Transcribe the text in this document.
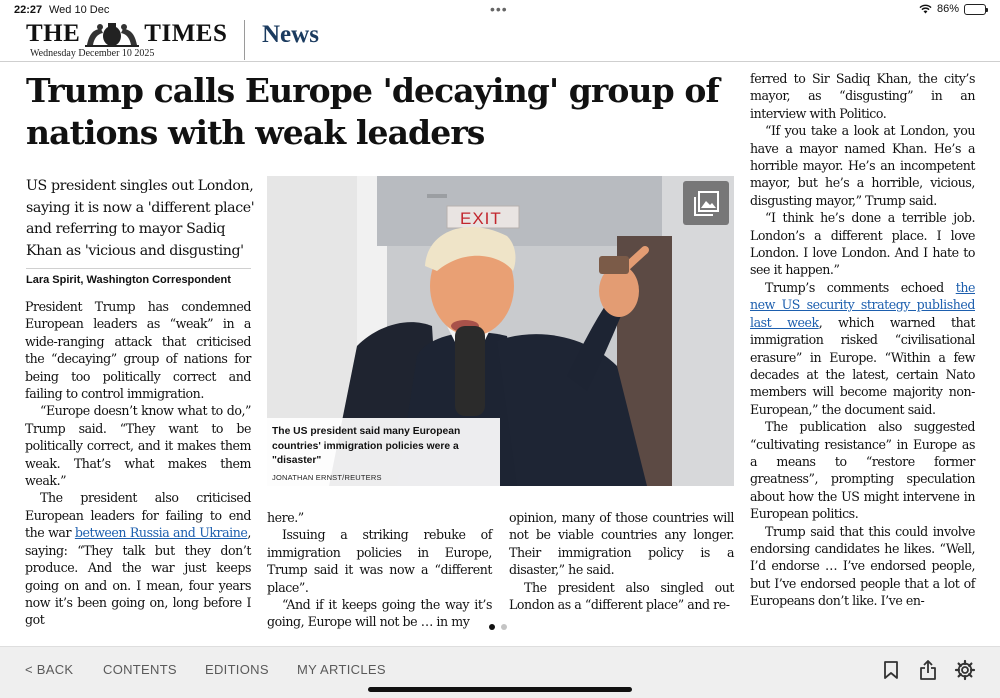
22:27 Wed 10 Dec	•••	86%
THE	TIMES
Wednesday December 10 2025
News
Trump calls Europe 'decaying' group of nations with weak leaders
US president singles out London, saying it is now a 'different place' and referring to mayor Sadiq Khan as 'vicious and disgusting'
Lara Spirit, Washington Correspondent
EXIT
The US president said many European countries' immigration policies were a "disaster"
JONATHAN ERNST/REUTERS

President Trump has condemned European leaders as “weak” in a wide-ranging attack that criticised the “decaying” group of nations for being too politically correct and failing to control immigration.

“Europe doesn’t know what to do,” Trump said. “They want to be politically correct, and it makes them weak. That’s what makes them weak.”

The president also criticised European leaders for failing to end the war between Russia and Ukraine, saying: “They talk but they don’t produce. And the war just keeps going on and on. I mean, four years now it’s been going on, long before I got

here.”

Issuing a striking rebuke of immigration policies in Europe, Trump said it was now a “different place”.

“And if it keeps going the way it’s going, Europe will not be … in my

opinion, many of those countries will not be viable countries any longer. Their immigration policy is a disaster,” he said.

The president also singled out London as a “different place” and re-

ferred to Sir Sadiq Khan, the city’s mayor, as “disgusting” in an interview with Politico.

“If you take a look at London, you have a mayor named Khan. He’s a horrible mayor. He’s an incompetent mayor, but he’s a horrible, vicious, disgusting mayor,” Trump said.

“I think he’s done a terrible job. London’s a different place. I love London. I love London. And I hate to see it happen.”

Trump’s comments echoed the new US security strategy published last week, which warned that immigration risked “civilisational erasure” in Europe. “Within a few decades at the latest, certain Nato members will become majority non-European,” the document said.

The publication also suggested “cultivating resistance” in Europe as a means to “restore former greatness”, prompting speculation about how the US might intervene in European politics.

Trump said that this could involve endorsing candidates he likes. “Well, I’d endorse … I’ve endorsed people, but I’ve endorsed people that a lot of Europeans don’t like. I’ve en-

< BACK CONTENTS EDITIONS MY ARTICLES
